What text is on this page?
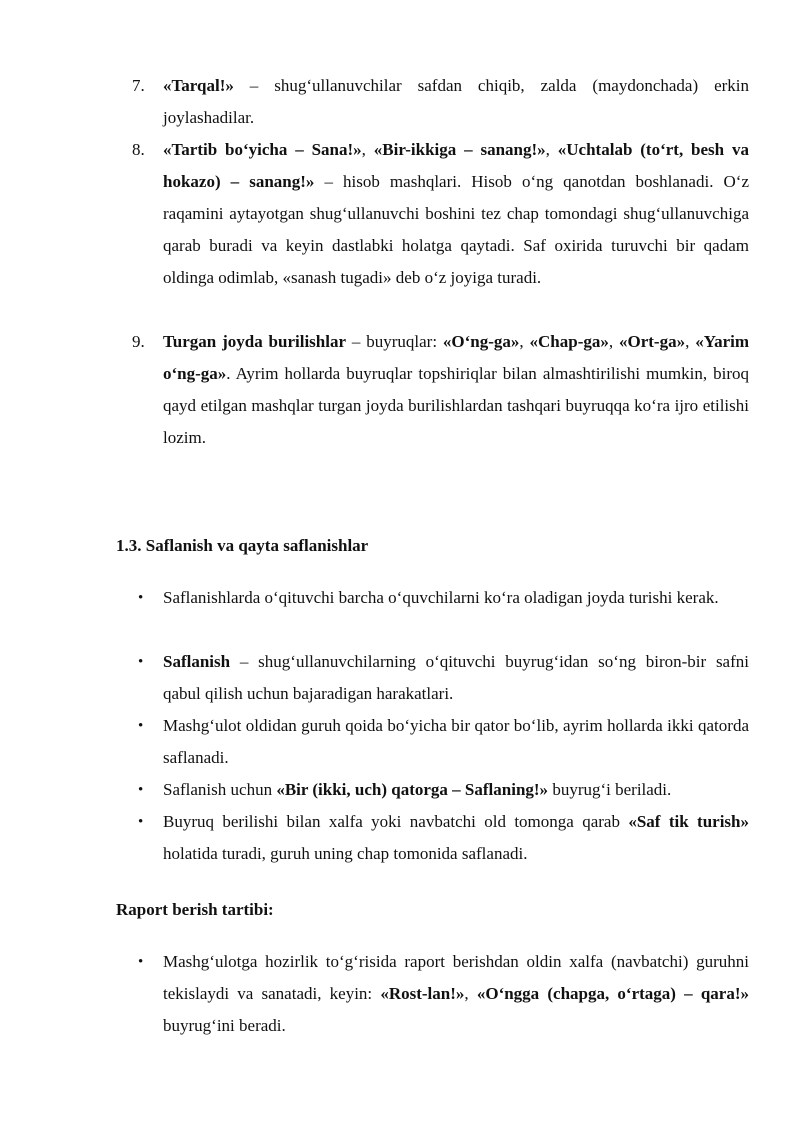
7.	«Tarqal!» – shug‘ullanuvchilar safdan chiqib, zalda (maydonchada) erkin joylashadilar.
8.	«Tartib bo‘yicha – Sana!», «Bir-ikkiga – sanang!», «Uchtalab (to‘rt, besh va hokazo) – sanang!» – hisob mashqlari. Hisob o‘ng qanotdan boshlanadi. O‘z raqamini aytayotgan shug‘ullanuvchi boshini tez chap tomondagi shug‘ullanuvchiga qarab buradi va keyin dastlabki holatga qaytadi. Saf oxirida turuvchi bir qadam oldinga odimlab, «sanash tugadi» deb o‘z joyiga turadi.
9.	Turgan joyda burilishlar – buyruqlar: «O‘ng-ga», «Chap-ga», «Ort-ga», «Yarim o‘ng-ga». Ayrim hollarda buyruqlar topshiriqlar bilan almashtirilishi mumkin, biroq qayd etilgan mashqlar turgan joyda burilishlardan tashqari buyruqqa ko‘ra ijro etilishi lozim.
1.3. Saflanish va qayta saflanishlar
• Saflanishlarda o‘qituvchi barcha o‘quvchilarni ko‘ra oladigan joyda turishi kerak.
• Saflanish – shug‘ullanuvchilarning o‘qituvchi buyrug‘idan so‘ng biron-bir safni qabul qilish uchun bajaradigan harakatlari.
• Mashg‘ulot oldidan guruh qoida bo‘yicha bir qator bo‘lib, ayrim hollarda ikki qatorda saflanadi.
• Saflanish uchun «Bir (ikki, uch) qatorga – Saflaning!» buyrug‘i beriladi.
• Buyruq berilishi bilan xalfa yoki navbatchi old tomonga qarab «Saf tik turish» holatida turadi, guruh uning chap tomonida saflanadi.
Raport berish tartibi:
• Mashg‘ulotga hozirlik to‘g‘risida raport berishdan oldin xalfa (navbatchi) guruhni tekislaydi va sanatadi, keyin: «Rost-lan!», «O‘ngga (chapga, o‘rtaga) – qara!» buyrug‘ini beradi.
